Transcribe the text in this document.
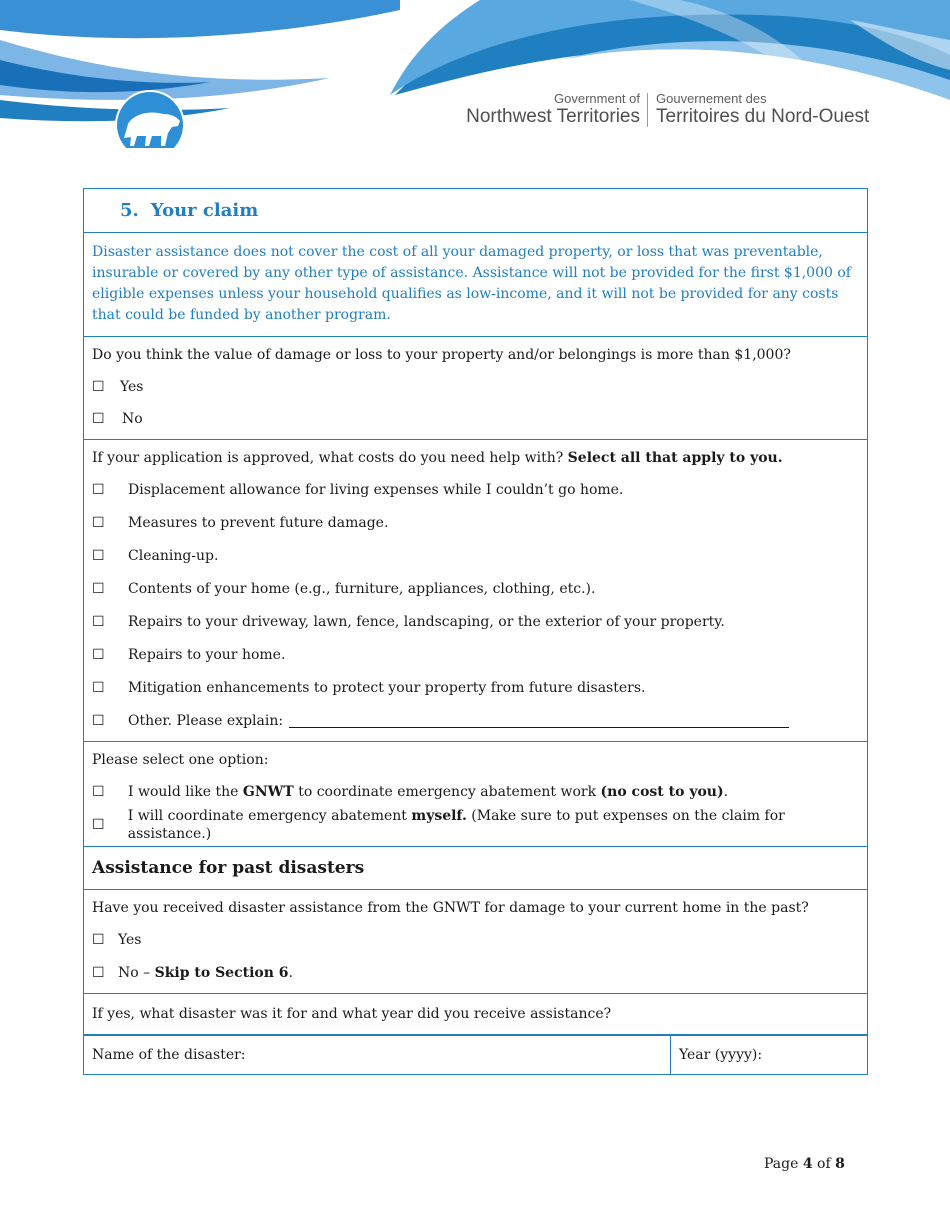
Government of
Northwest Territories
Gouvernement des
Territoires du Nord-Ouest
5. Your claim
Disaster assistance does not cover the cost of all your damaged property, or loss that was preventable, insurable or covered by any other type of assistance. Assistance will not be provided for the first $1,000 of eligible expenses unless your household qualifies as low-income, and it will not be provided for any costs that could be funded by another program.
Do you think the value of damage or loss to your property and/or belongings is more than $1,000?
☐ Yes
☐ No
If your application is approved, what costs do you need help with? Select all that apply to you.
☐ Displacement allowance for living expenses while I couldn’t go home.
☐ Measures to prevent future damage.
☐ Cleaning-up.
☐ Contents of your home (e.g., furniture, appliances, clothing, etc.).
☐ Repairs to your driveway, lawn, fence, landscaping, or the exterior of your property.
☐ Repairs to your home.
☐ Mitigation enhancements to protect your property from future disasters.
☐ Other. Please explain:
Please select one option:
☐ I would like the GNWT to coordinate emergency abatement work (no cost to you).
☐
I will coordinate emergency abatement myself. (Make sure to put expenses on the claim for assistance.)
Assistance for past disasters
Have you received disaster assistance from the GNWT for damage to your current home in the past?
☐ Yes
☐ No – Skip to Section 6.
If yes, what disaster was it for and what year did you receive assistance?
Name of the disaster:	Year (yyyy):
Page 4 of 8
